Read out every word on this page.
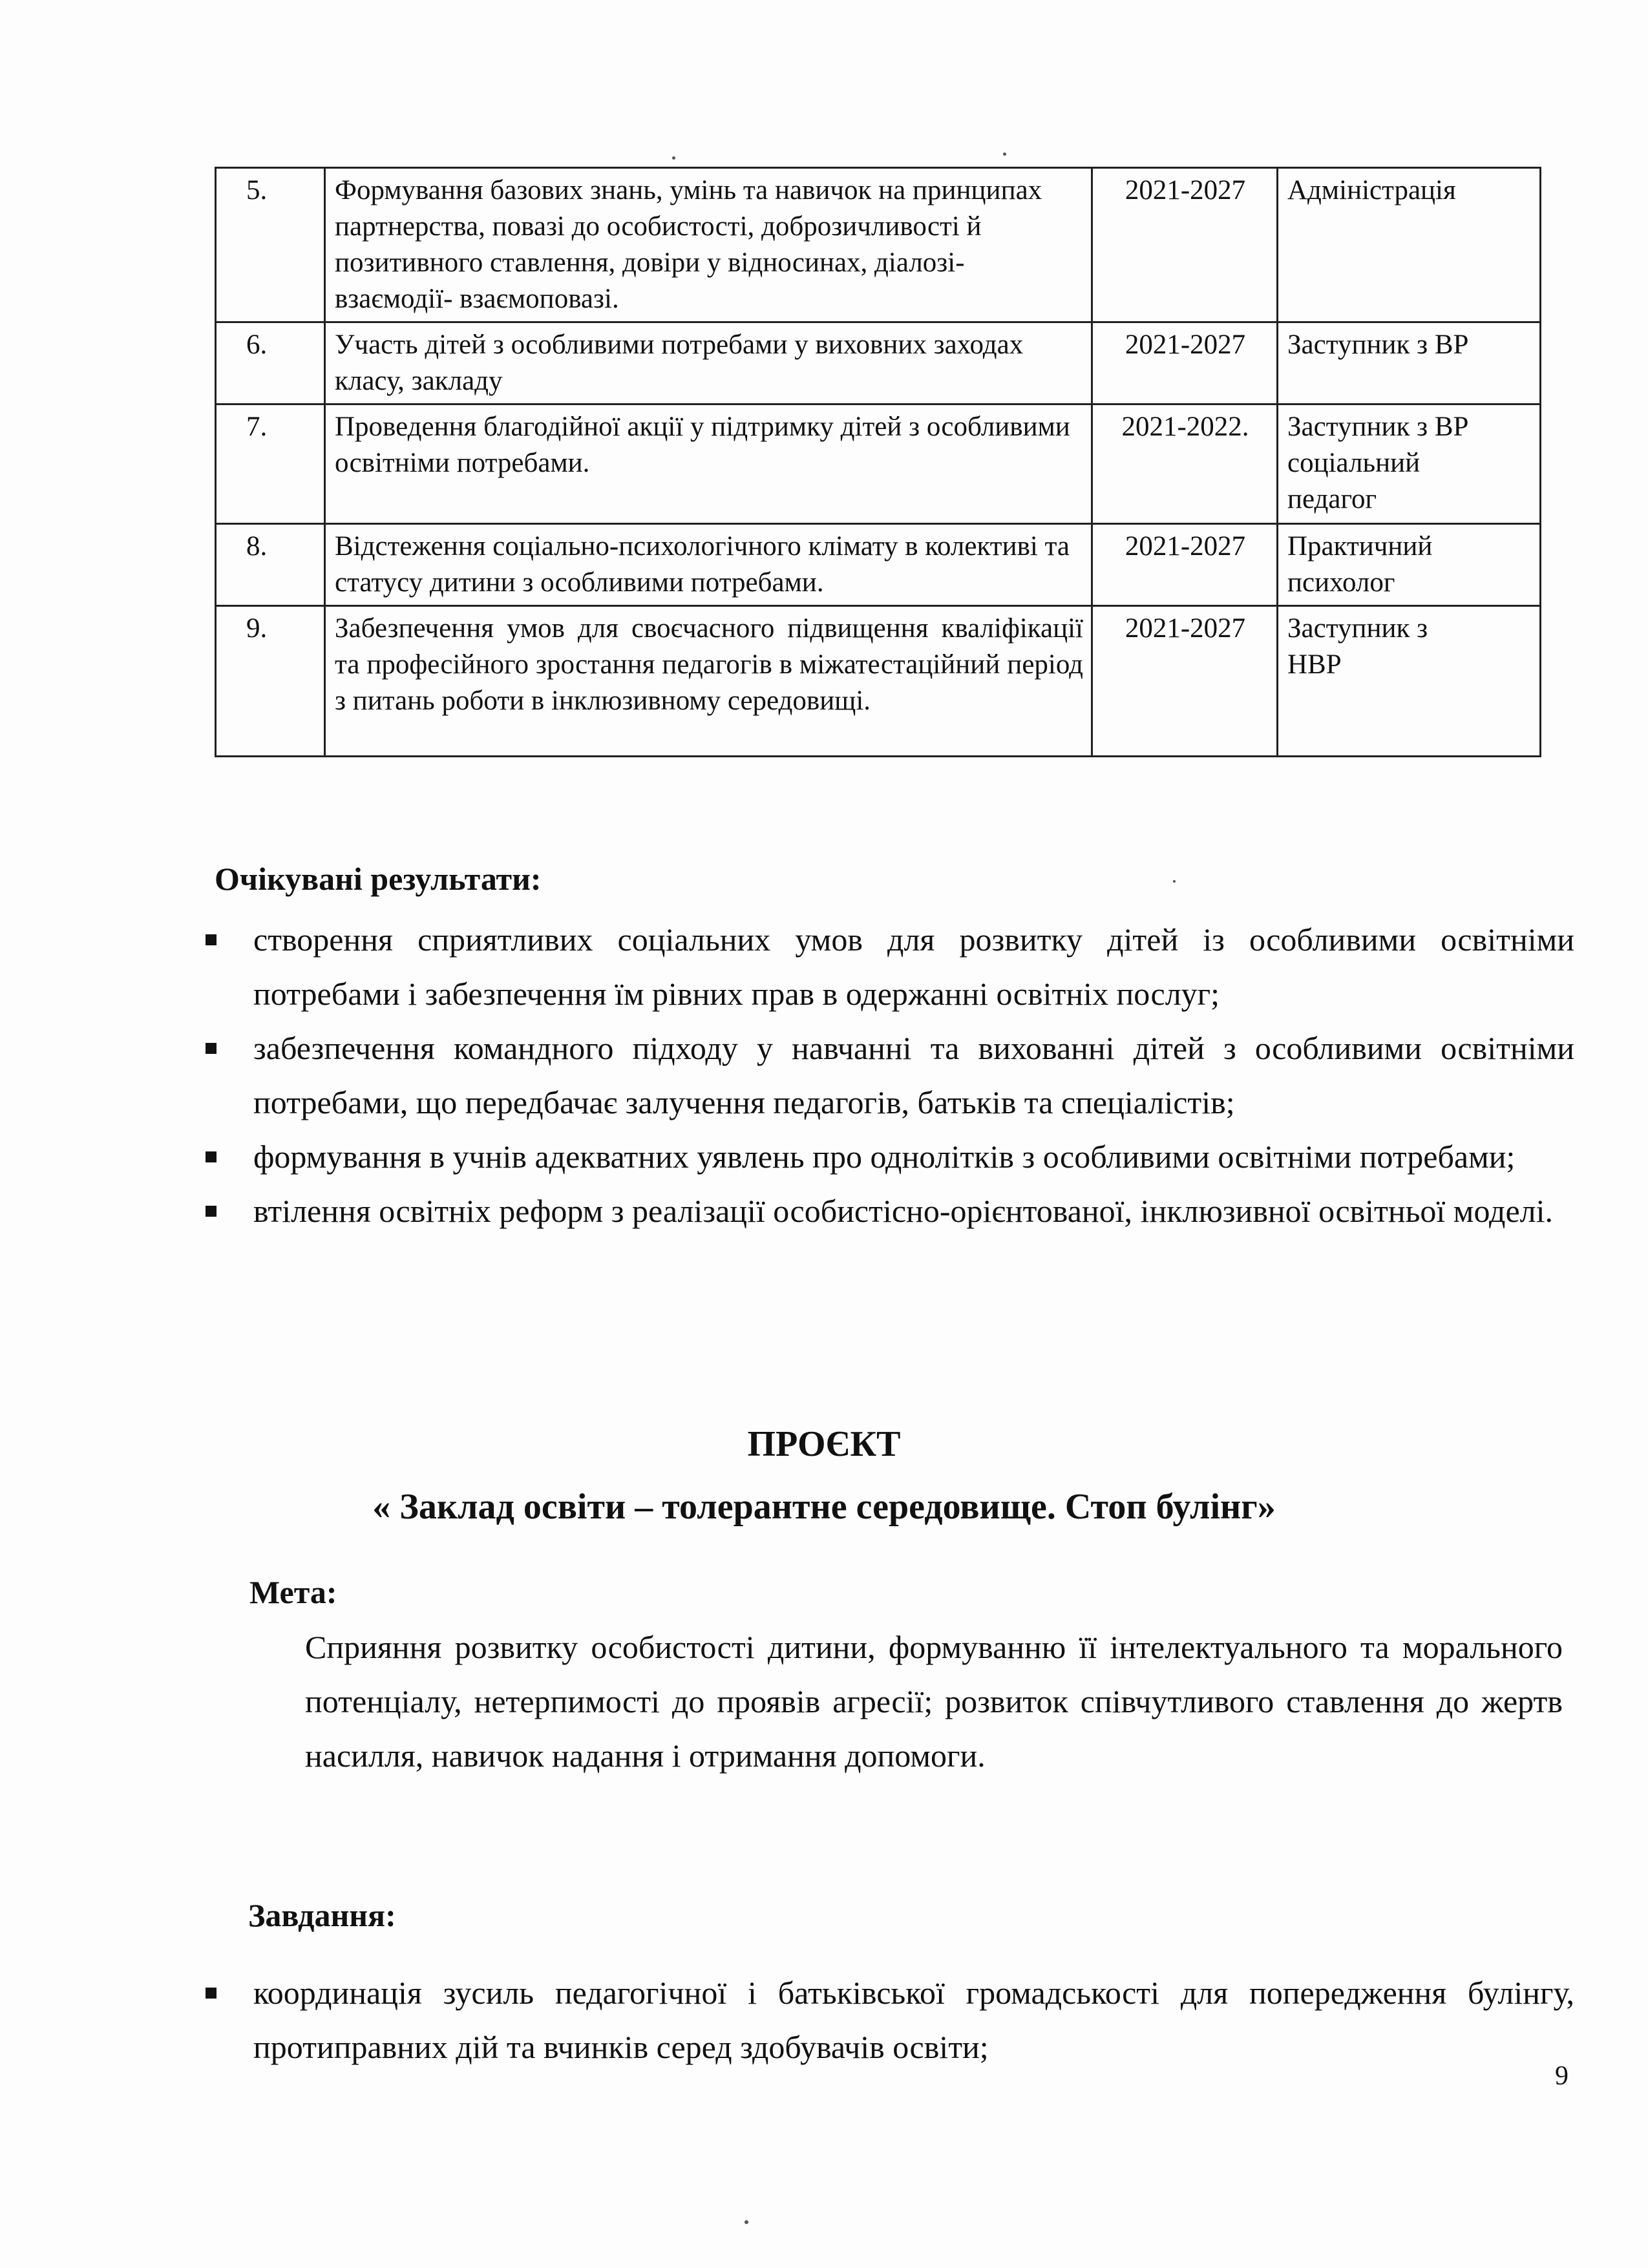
5.	Формування базових знань, умінь та навичок на принципах партнерства, повазі до особистості, доброзичливості й позитивного ставлення, довіри у відносинах, діалозі- взаємодії- взаємоповазі.	2021-2027	Адміністрація

6.	Участь дітей з особливими потребами у виховних заходах класу, закладу	2021-2027	Заступник з ВР

7.	Проведення благодійної акції у підтримку дітей з особливими освітніми потребами.	2021-2022.	Заступник з ВР
соціальний
педагог

8.	Відстеження соціально-психологічного клімату в колективі та статусу дитини з особливими потребами.	2021-2027	Практичний
психолог

9.	Забезпечення умов для своєчасного підвищення кваліфікації та професійного зростання педагогів в міжатестаційний період з питань роботи в інклюзивному середовищі.	2021-2027	Заступник з
НВР
Очікувані результати:
створення сприятливих соціальних умов для розвитку дітей із особливими освітніми потребами і забезпечення їм рівних прав в одержанні освітніх послуг;
забезпечення командного підходу у навчанні та вихованні дітей з особливими освітніми потребами, що передбачає залучення педагогів, батьків та спеціалістів;
формування в учнів адекватних уявлень про однолітків з особливими освітніми потребами;
втілення освітніх реформ з реалізації особистісно-орієнтованої, інклюзивної освітньої моделі.
ПРОЄКТ
« Заклад освіти – толерантне середовище. Стоп булінг»
Мета:

Сприяння розвитку особистості дитини, формуванню її інтелектуального та морального потенціалу, нетерпимості до проявів агресії; розвиток співчутливого ставлення до жертв насилля, навичок надання і отримання допомоги.

Завдання:
координація зусиль педагогічної і батьківської громадськості для попередження булінгу, протиправних дій та вчинків серед здобувачів освіти;
9
